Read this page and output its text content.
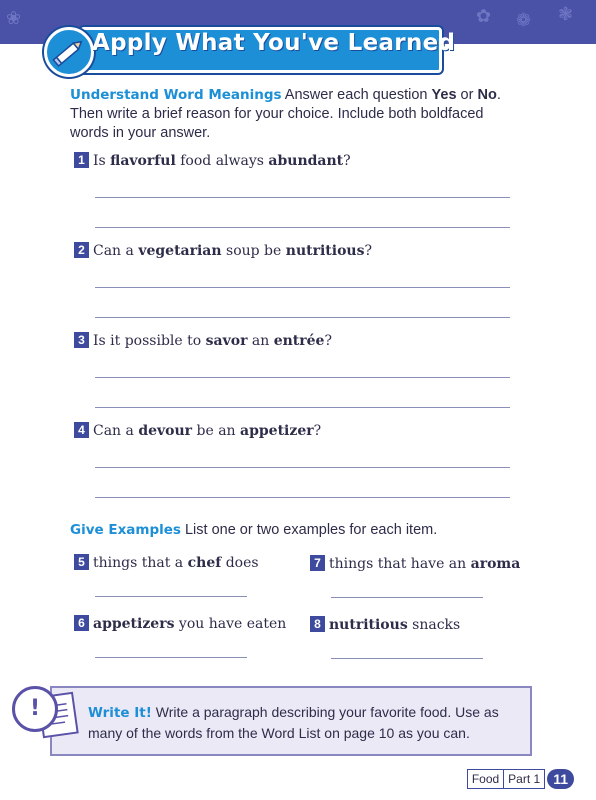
❀	✿ ❁ ❃
Apply What You've Learned
Understand Word Meanings Answer each question Yes or No. Then write a brief reason for your choice. Include both boldfaced words in your answer.
1 Is flavorful food always abundant?
2 Can a vegetarian soup be nutritious?
3 Is it possible to savor an entrée?
4 Can a devour be an appetizer?
Give Examples List one or two examples for each item.
5 things that a chef does	7 things that have an aroma
6 appetizers you have eaten	8 nutritious snacks
!	Write It! Write a paragraph describing your favorite food. Use as many of the words from the Word List on page 10 as you can.
Food Part 1 11
